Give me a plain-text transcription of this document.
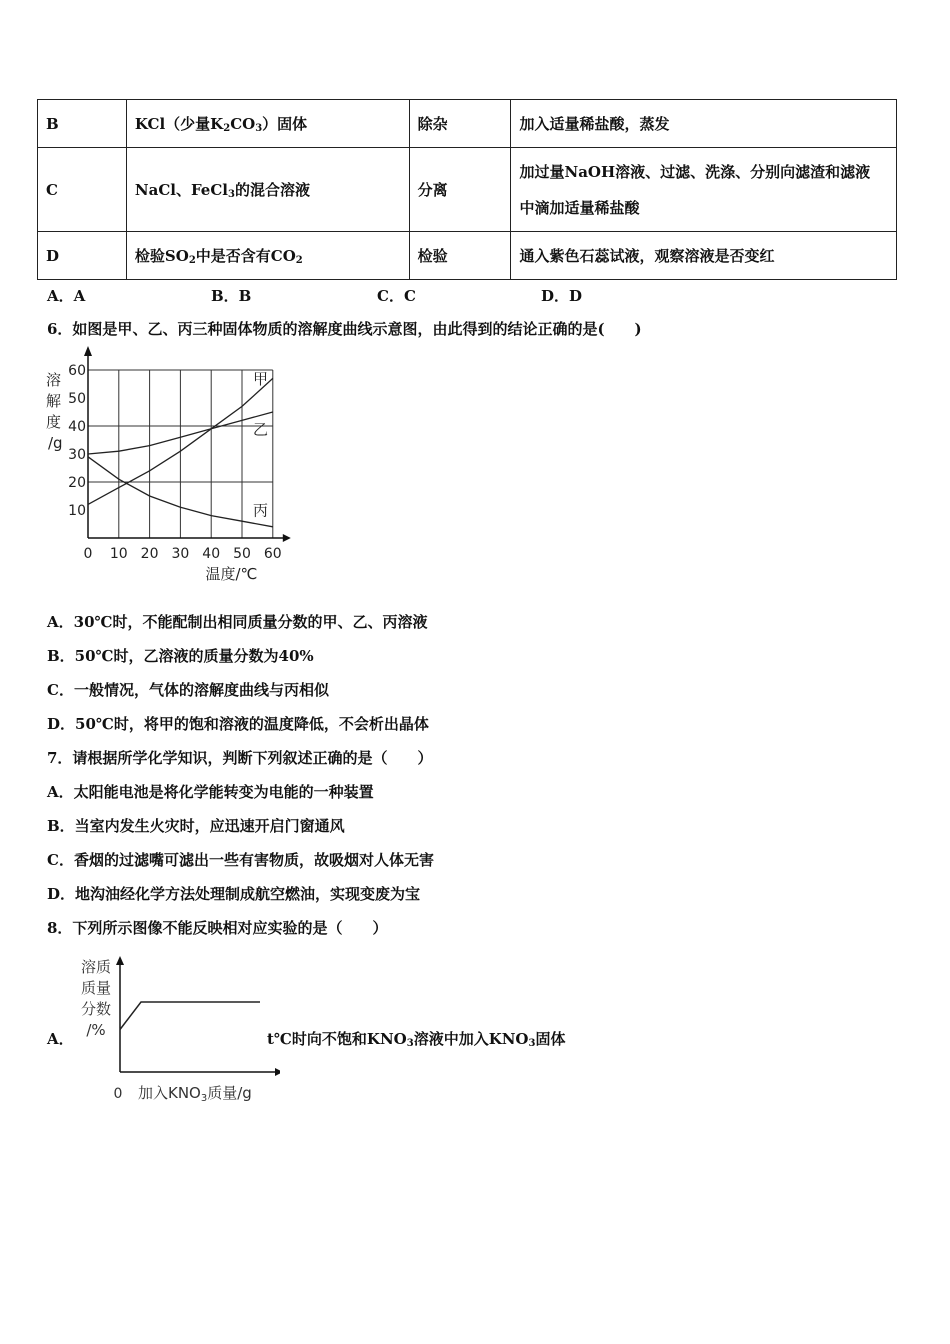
B	KCl（少量$K_2CO_3$）固体	除杂	加入适量稀盐酸，蒸发
C	NaCl、FeCl$_3$的混合溶液	分离	加过量NaOH溶液、过滤、洗涤、分别向滤渣和滤液
中滴加适量稀盐酸

D	检验$SO_2$中是否含有$CO_2$	检验	通入紫色石蕊试液，观察溶液是否变红
A．A	B．B	C．C	D．D
6．如图是甲、乙、丙三种固体物质的溶解度曲线示意图，由此得到的结论正确的是(　　)
0 10 20 30 40 50 60
10
20
30
40
50
60
溶
解
度
/g
温度/℃
甲
乙
丙
A．30℃时，不能配制出相同质量分数的甲、乙、丙溶液
B．50℃时，乙溶液的质量分数为40%
C．一般情况，气体的溶解度曲线与丙相似
D．50℃时，将甲的饱和溶液的温度降低，不会析出晶体
7．请根据所学化学知识，判断下列叙述正确的是（　　）
A．太阳能电池是将化学能转变为电能的一种装置
B．当室内发生火灾时，应迅速开启门窗通风
C．香烟的过滤嘴可滤出一些有害物质，故吸烟对人体无害
D．地沟油经化学方法处理制成航空燃油，实现变废为宝
8．下列所示图像不能反映相对应实验的是（　　）
A．
溶质
质量
分数
/%
0 加入$KNO_3$质量/g
t℃时向不饱和$KNO_3$溶液中加入$KNO_3$固体
